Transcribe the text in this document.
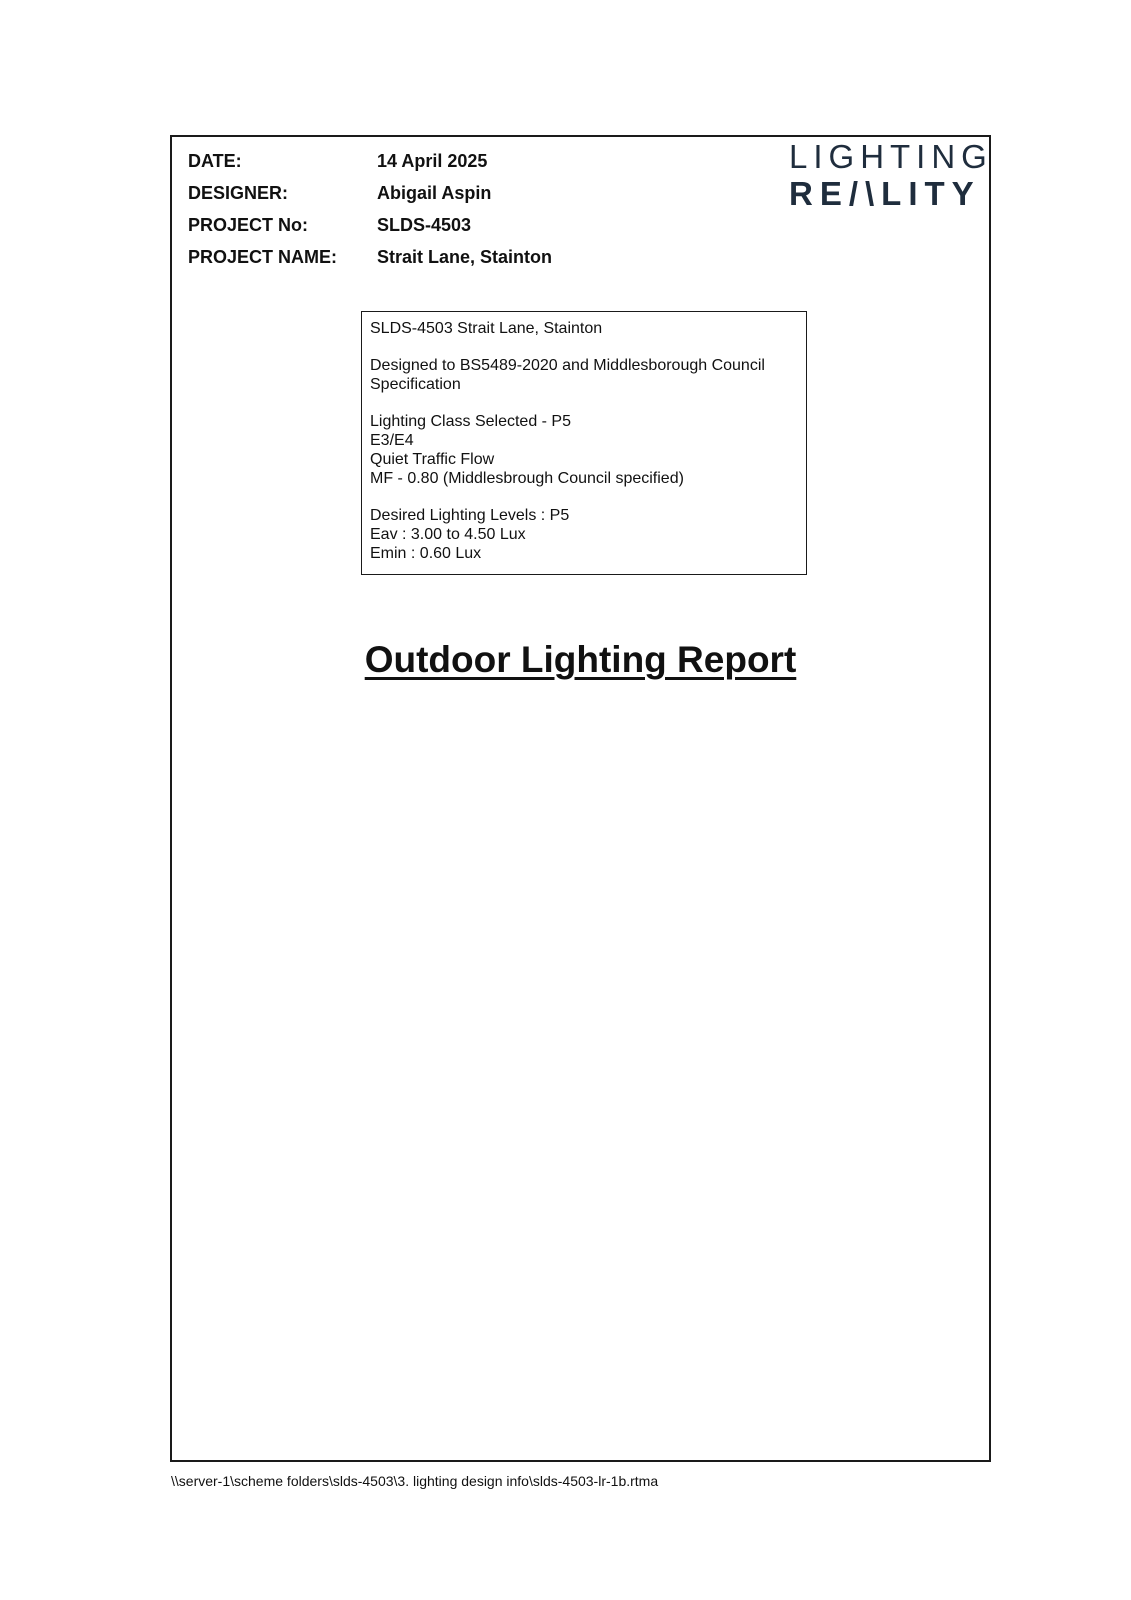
DATE:	14 April 2025
DESIGNER:	Abigail Aspin
PROJECT No:	SLDS-4503
PROJECT NAME:	Strait Lane, Stainton
LIGHTING
RE/\LITY
SLDS-4503 Strait Lane, Stainton
Designed to BS5489-2020 and Middlesborough Council
Specification
Lighting Class Selected - P5
E3/E4
Quiet Traffic Flow
MF - 0.80 (Middlesbrough Council specified)
Desired Lighting Levels : P5
Eav : 3.00 to 4.50 Lux
Emin : 0.60 Lux
Outdoor Lighting Report
\\server-1\scheme folders\slds-4503\3. lighting design info\slds-4503-lr-1b.rtma
